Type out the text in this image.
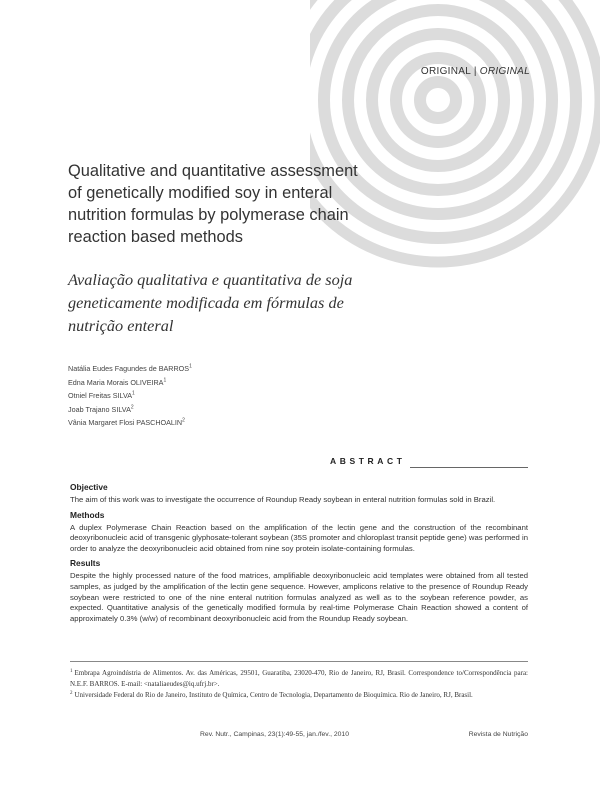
ORIGINAL | ORIGINAL
Qualitative and quantitative assessment of genetically modified soy in enteral nutrition formulas by polymerase chain reaction based methods
Avaliação qualitativa e quantitativa de soja geneticamente modificada em fórmulas de nutrição enteral
Natália Eudes Fagundes de BARROS$^1$
Edna Maria Morais OLIVEIRA$^1$
Otniel Freitas SILVA$^1$
Joab Trajano SILVA$^2$
Vânia Margaret Flosi PASCHOALIN$^2$
ABSTRACT
Objective
The aim of this work was to investigate the occurrence of Roundup Ready soybean in enteral nutrition formulas sold in Brazil.
Methods
A duplex Polymerase Chain Reaction based on the amplification of the lectin gene and the construction of the recombinant deoxyribonucleic acid of transgenic glyphosate-tolerant soybean (35S promoter and chloroplast transit peptide gene) was performed in order to analyze the deoxyribonucleic acid obtained from nine soy protein isolate-containing formulas.
Results
Despite the highly processed nature of the food matrices, amplifiable deoxyribonucleic acid templates were obtained from all tested samples, as judged by the amplification of the lectin gene sequence. However, amplicons relative to the presence of Roundup Ready soybean were restricted to one of the nine enteral nutrition formulas analyzed as well as to the soybean reference powder, as expected. Quantitative analysis of the genetically modified formula by real-time Polymerase Chain Reaction showed a content of approximately 0.3% (w/w) of recombinant deoxyribonucleic acid from the Roundup Ready soybean.
$^1$ Embrapa Agroindústria de Alimentos. Av. das Américas, 29501, Guaratiba, 23020-470, Rio de Janeiro, RJ, Brasil. Correspondence to/Correspondência para: N.E.F. BARROS. E-mail: <nataliaeudes@iq.ufrj.br>.
$^2$ Universidade Federal do Rio de Janeiro, Instituto de Química, Centro de Tecnologia, Departamento de Bioquímica. Rio de Janeiro, RJ, Brasil.
Rev. Nutr., Campinas, 23(1):49-55, jan./fev., 2010	Revista de Nutrição
